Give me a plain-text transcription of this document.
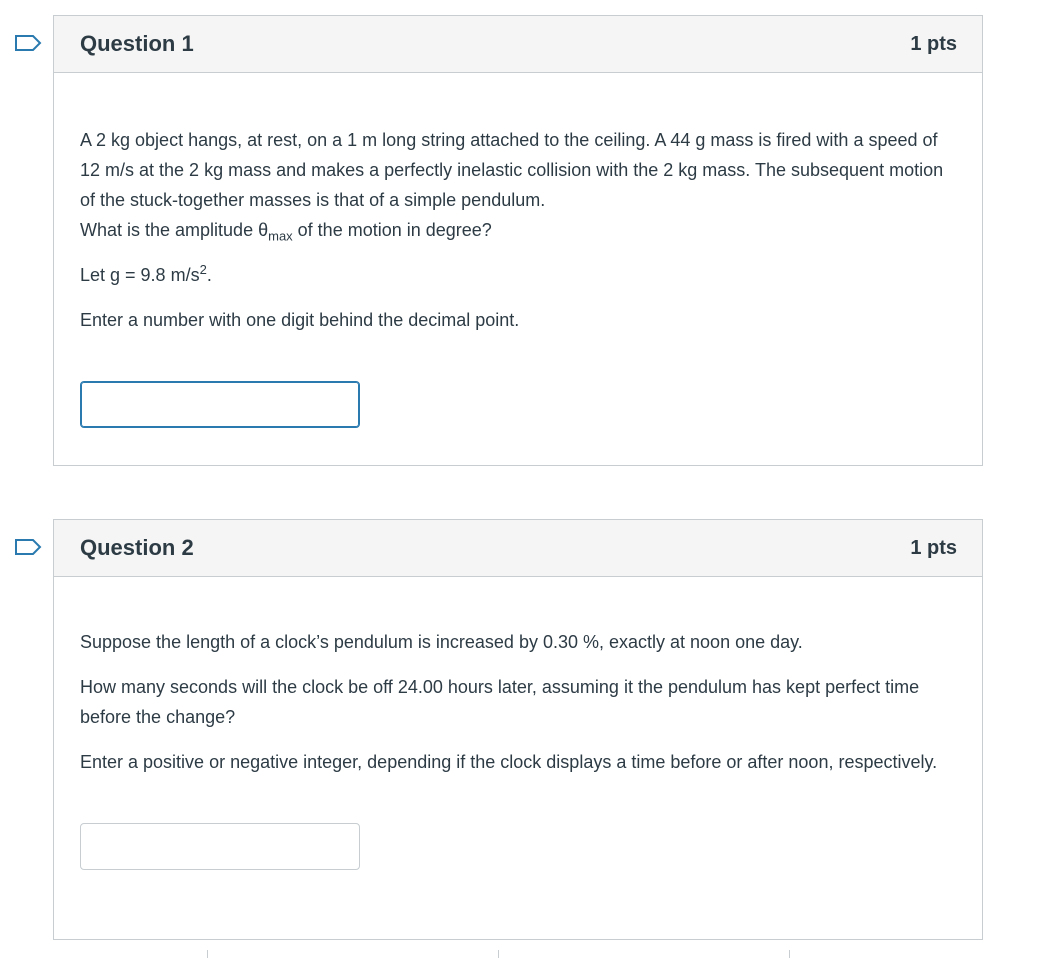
Question 1	1 pts

A 2 kg object hangs, at rest, on a 1 m long string attached to the ceiling. A 44 g mass is fired with a speed of 12 m/s at the 2 kg mass and makes a perfectly inelastic collision with the 2 kg mass. The subsequent motion of the stuck-together masses is that of a simple pendulum.
What is the amplitude $\theta_{max}$ of the motion in degree?

Let g = 9.8 $m/s^2$.

Enter a number with one digit behind the decimal point.

Question 2	1 pts

Suppose the length of a clock’s pendulum is increased by 0.30 %, exactly at noon one day.

How many seconds will the clock be off 24.00 hours later, assuming it the pendulum has kept perfect time before the change?

Enter a positive or negative integer, depending if the clock displays a time before or after noon, respectively.
